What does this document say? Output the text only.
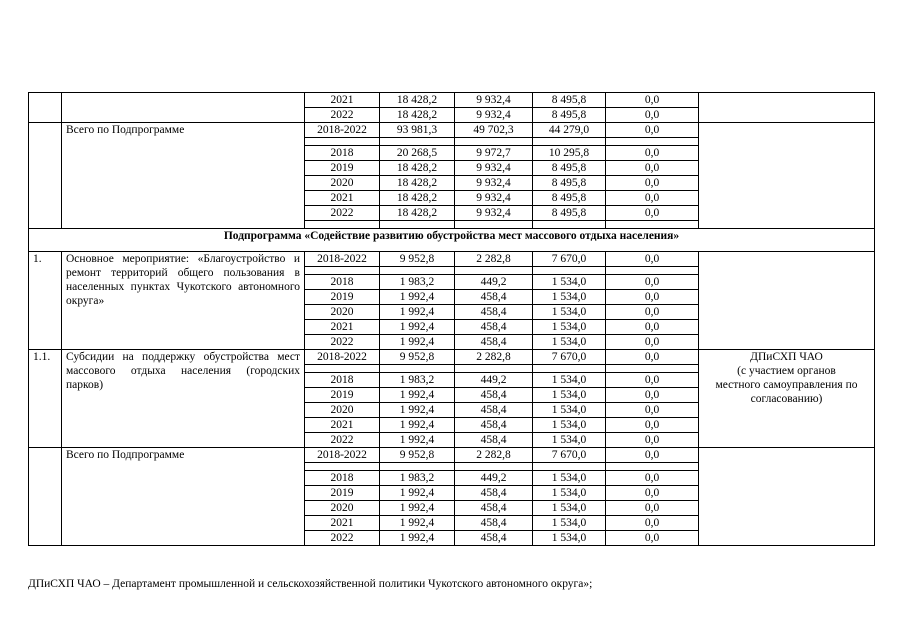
		2021	18 428,2	9 932,4	8 495,8	0,0	
		2022	18 428,2	9 932,4	8 495,8	0,0	
	Всего по Подпрограмме	2018-2022	93 981,3	49 702,3	44 279,0	0,0	

		2018	20 268,5	9 972,7	10 295,8	0,0	
		2019	18 428,2	9 932,4	8 495,8	0,0	
		2020	18 428,2	9 932,4	8 495,8	0,0	
		2021	18 428,2	9 932,4	8 495,8	0,0	
		2022	18 428,2	9 932,4	8 495,8	0,0	

Подпрограмма «Содействие развитию обустройства мест массового отдыха населения»							
1.	Основное мероприятие: «Благоустройство и ремонт территорий общего пользования в населенных пунктах Чукотского автономного округа»	2018-2022	9 952,8	2 282,8	7 670,0	0,0	

		2018	1 983,2	449,2	1 534,0	0,0	
		2019	1 992,4	458,4	1 534,0	0,0	
		2020	1 992,4	458,4	1 534,0	0,0	
		2021	1 992,4	458,4	1 534,0	0,0	
		2022	1 992,4	458,4	1 534,0	0,0	
1.1.	Субсидии на поддержку обустройства мест массового отдыха населения (городских парков)	2018-2022	9 952,8	2 282,8	7 670,0	0,0	ДПиСХП ЧАО
(с участием органов
местного самоуправления по
согласованию)

		2018	1 983,2	449,2	1 534,0	0,0	
		2019	1 992,4	458,4	1 534,0	0,0	
		2020	1 992,4	458,4	1 534,0	0,0	
		2021	1 992,4	458,4	1 534,0	0,0	
		2022	1 992,4	458,4	1 534,0	0,0	
	Всего по Подпрограмме	2018-2022	9 952,8	2 282,8	7 670,0	0,0	

		2018	1 983,2	449,2	1 534,0	0,0	
		2019	1 992,4	458,4	1 534,0	0,0	
		2020	1 992,4	458,4	1 534,0	0,0	
		2021	1 992,4	458,4	1 534,0	0,0	
		2022	1 992,4	458,4	1 534,0	0,0	
ДПиСХП ЧАО – Департамент промышленной и сельскохозяйственной политики Чукотского автономного округа»;
